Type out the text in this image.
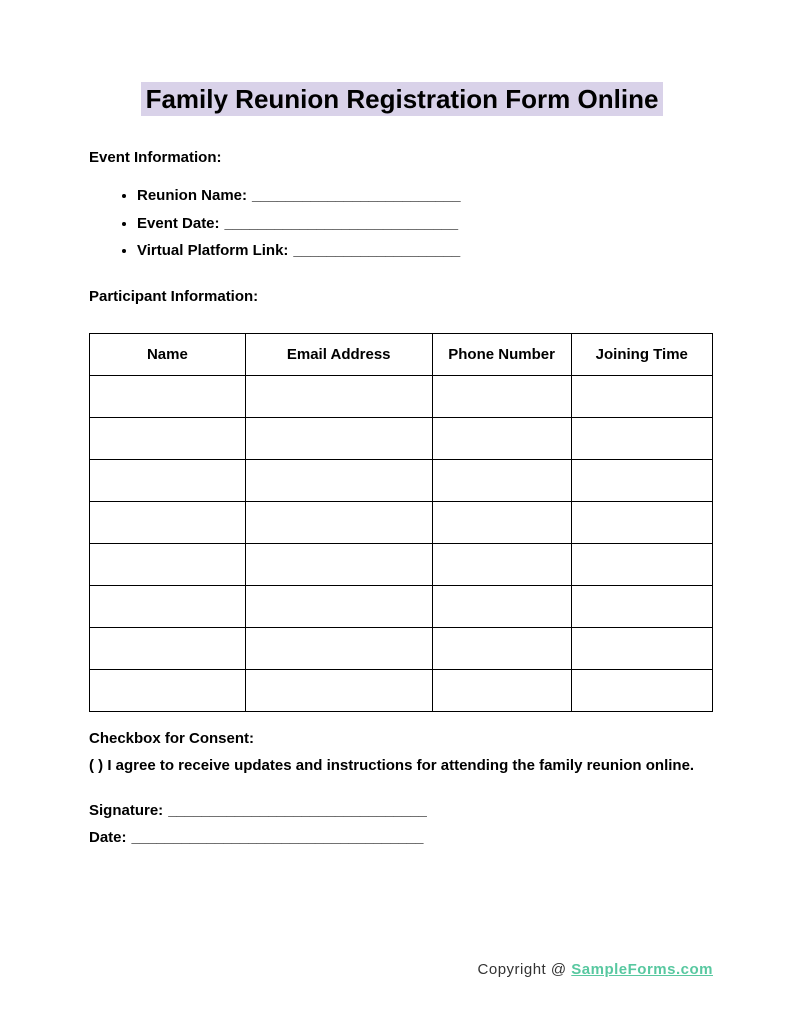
Family Reunion Registration Form Online
Event Information:
• Reunion Name: _________________________
• Event Date: ____________________________
• Virtual Platform Link: ____________________
Participant Information:
Name	Email Address	Phone Number	Joining Time

Checkbox for Consent:
( ) I agree to receive updates and instructions for attending the family reunion online.
Signature: _______________________________
Date: ___________________________________
Copyright @ SampleForms.com
